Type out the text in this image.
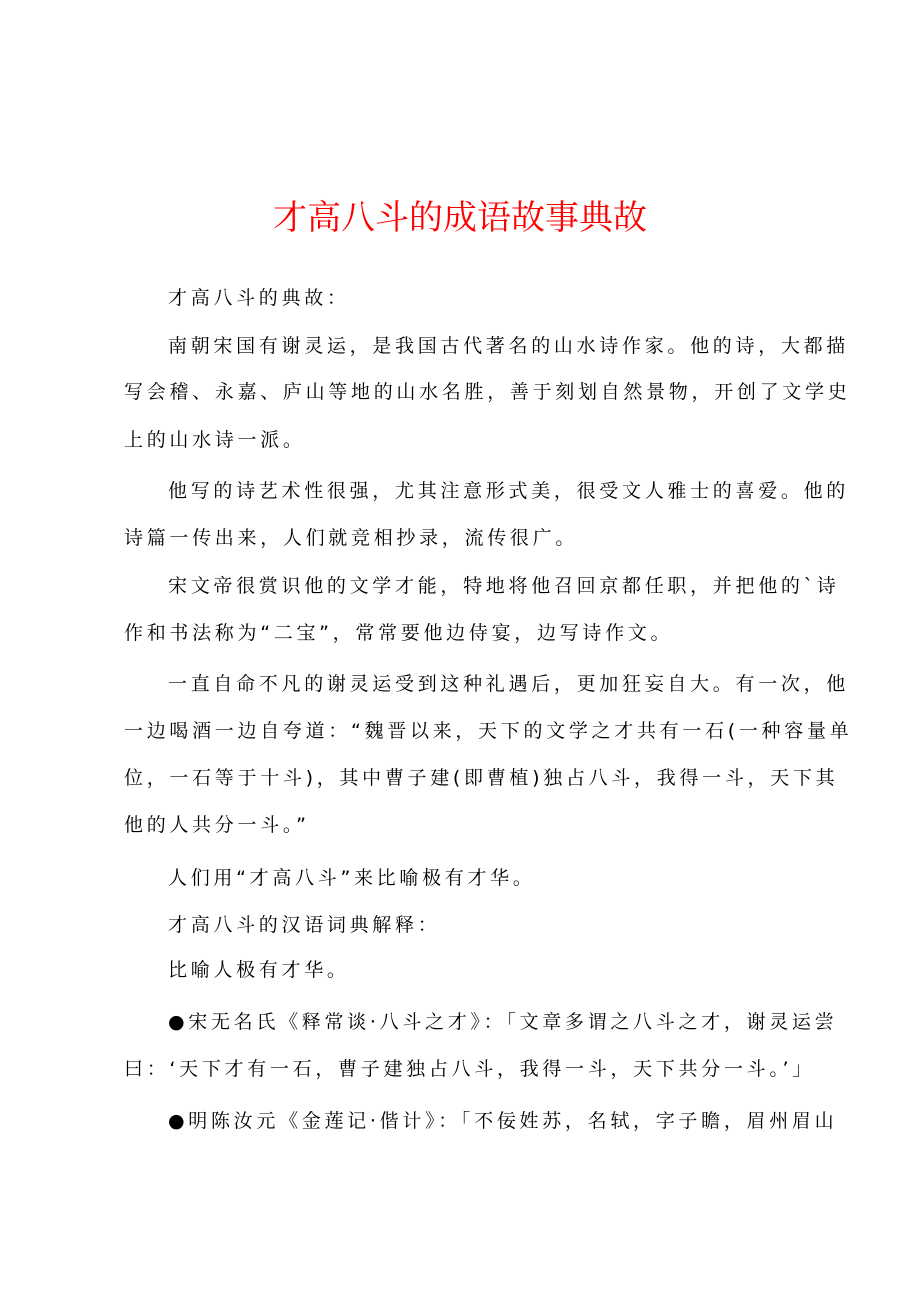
才高八斗的成语故事典故
才高八斗的典故：
南朝宋国有谢灵运，是我国古代著名的山水诗作家。他的诗，大都描
写会稽、永嘉、庐山等地的山水名胜，善于刻划自然景物，开创了文学史
上的山水诗一派。
他写的诗艺术性很强，尤其注意形式美，很受文人雅士的喜爱。他的
诗篇一传出来，人们就竞相抄录，流传很广。
宋文帝很赏识他的文学才能，特地将他召回京都任职，并把他的`诗
作和书法称为“二宝”，常常要他边侍宴，边写诗作文。
一直自命不凡的谢灵运受到这种礼遇后，更加狂妄自大。有一次，他
一边喝酒一边自夸道：“魏晋以来，天下的文学之才共有一石(一种容量单
位，一石等于十斗)，其中曹子建(即曹植)独占八斗，我得一斗，天下其
他的人共分一斗。”
人们用“才高八斗”来比喻极有才华。
才高八斗的汉语词典解释：
比喻人极有才华。
●宋无名氏《释常谈·八斗之才》：「文章多谓之八斗之才，谢灵运尝
曰：‘天下才有一石，曹子建独占八斗，我得一斗，天下共分一斗。’」
●明陈汝元《金莲记·偕计》：「不佞姓苏，名轼，字子瞻，眉州眉山
